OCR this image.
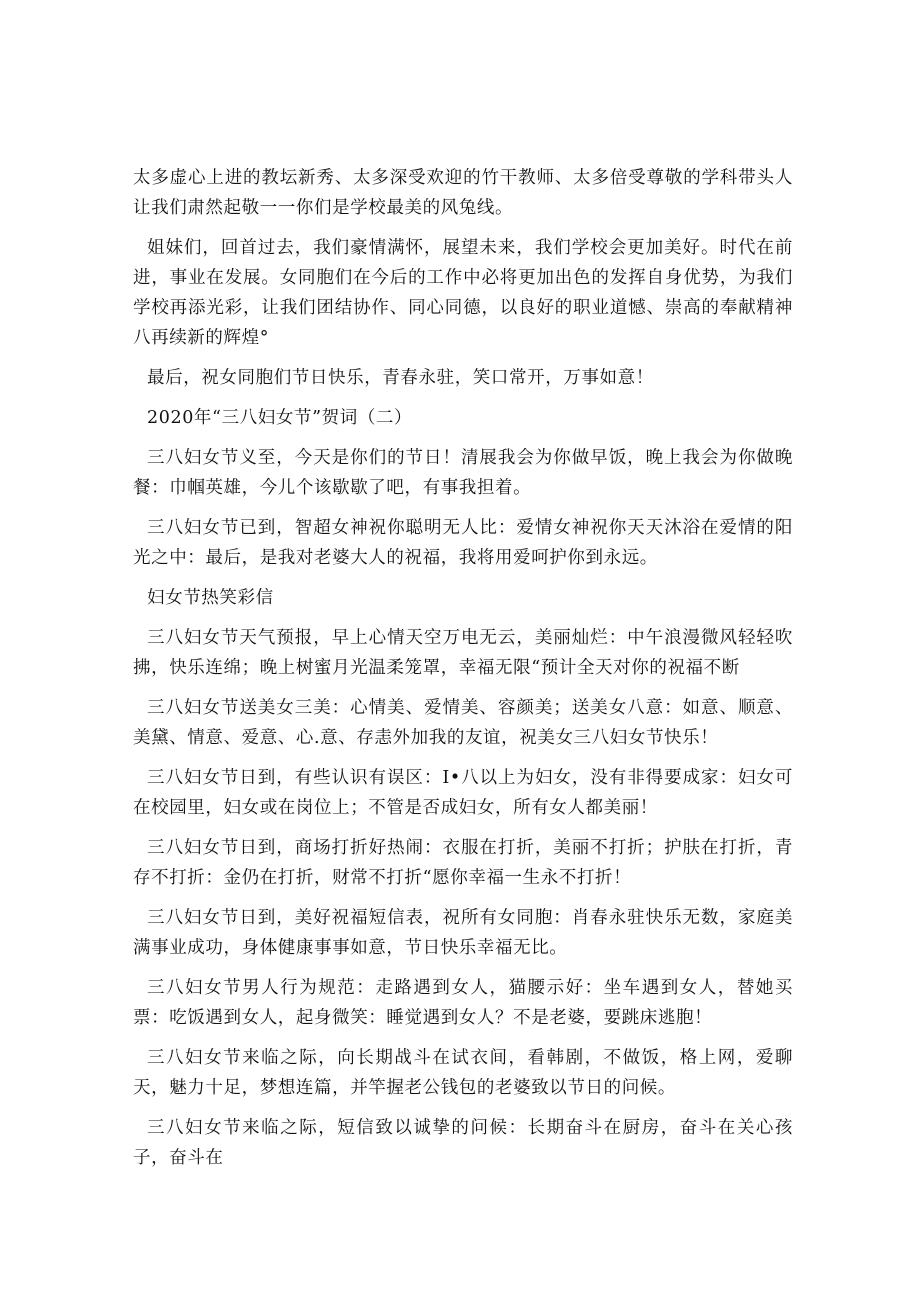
太多虚心上进的教坛新秀、太多深受欢迎的竹干教师、太多倍受尊敬的学科带头人让我们肃然起敬一一你们是学校最美的风兔线。

姐妹们，回首过去，我们豪情满怀，展望未来，我们学校会更加美好。时代在前进，事业在发展。女同胞们在今后的工作中必将更加出色的发挥自身优势，为我们学校再添光彩，让我们团结协作、同心同德，以良好的职业道憾、崇高的奉献精神八再续新的辉煌°

最后，祝女同胞们节日快乐，青春永驻，笑口常开，万事如意！

2020年“三八妇女节”贺词（二）

三八妇女节义至，今天是你们的节日！清展我会为你做早饭，晚上我会为你做晚餐：巾帼英雄，今儿个该歇歇了吧，有事我担着。

三八妇女节已到，智超女神祝你聪明无人比：爱情女神祝你天天沐浴在爱情的阳光之中：最后，是我对老婆大人的祝福，我将用爱呵护你到永远。

妇女节热笑彩信

三八妇女节天气预报，早上心情天空万电无云，美丽灿烂：中午浪漫微风轻轻吹拂，快乐连绵；晚上树蜜月光温柔笼罩，幸福无限“预计全天对你的祝福不断

三八妇女节送美女三美：心情美、爱情美、容颜美；送美女八意：如意、顺意、美黛、情意、爱意、心.意、存恚外加我的友谊，祝美女三八妇女节快乐！

三八妇女节日到，有些认识有误区：I•八以上为妇女，没有非得要成家：妇女可在校园里，妇女或在岗位上；不管是否成妇女，所有女人都美丽！

三八妇女节日到，商场打折好热闹：衣服在打折，美丽不打折；护肤在打折，青存不打折：金仍在打折，财常不打折“愿你幸福一生永不打折！

三八妇女节日到，美好祝福短信表，祝所有女同胞：肖春永驻快乐无数，家庭美满事业成功，身体健康事事如意，节日快乐幸福无比。

三八妇女节男人行为规范：走路遇到女人，猫腰示好：坐车遇到女人，替她买票：吃饭遇到女人，起身微笑：睡觉遇到女人？不是老婆，要跳床逃胞！

三八妇女节来临之际，向长期战斗在试衣间，看韩剧，不做饭，格上网，爱聊天，魅力十足，梦想连篇，并竿握老公钱包的老婆致以节日的问候。

三八妇女节来临之际，短信致以诚挚的问候：长期奋斗在厨房，奋斗在关心孩子，奋斗在
